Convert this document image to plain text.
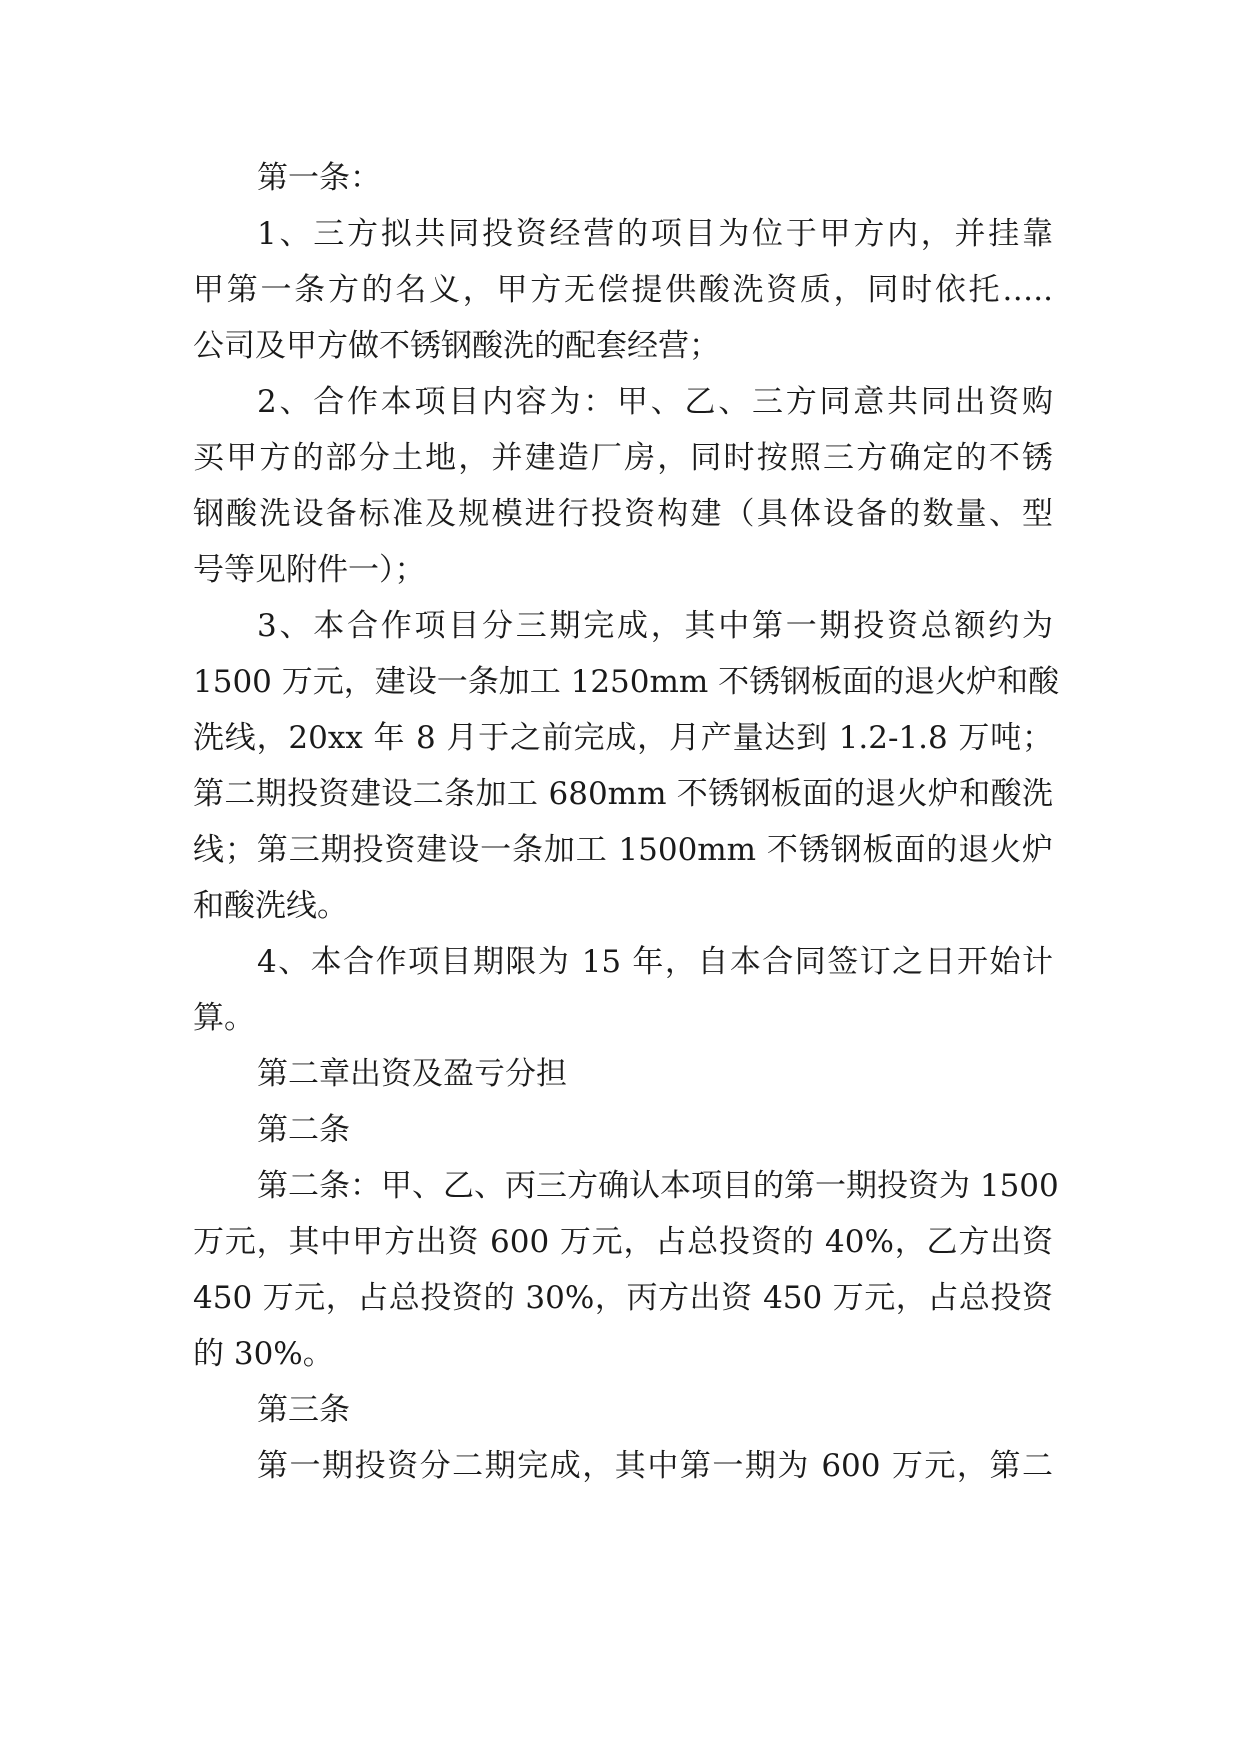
第一条：
1、三方拟共同投资经营的项目为位于甲方内，并挂靠
甲第一条方的名义，甲方无偿提供酸洗资质，同时依托…..
公司及甲方做不锈钢酸洗的配套经营；
2、合作本项目内容为：甲、乙、三方同意共同出资购
买甲方的部分土地，并建造厂房，同时按照三方确定的不锈
钢酸洗设备标准及规模进行投资构建（具体设备的数量、型
号等见附件一）；
3、本合作项目分三期完成，其中第一期投资总额约为
1500 万元，建设一条加工 1250mm 不锈钢板面的退火炉和酸
洗线，20xx 年 8 月于之前完成，月产量达到 1.2-1.8 万吨；
第二期投资建设二条加工 680mm 不锈钢板面的退火炉和酸洗
线；第三期投资建设一条加工 1500mm 不锈钢板面的退火炉
和酸洗线。
4、本合作项目期限为 15 年，自本合同签订之日开始计
算。
第二章出资及盈亏分担
第二条
第二条：甲、乙、丙三方确认本项目的第一期投资为 1500
万元，其中甲方出资 600 万元，占总投资的 40%，乙方出资
450 万元，占总投资的 30%，丙方出资 450 万元，占总投资
的 30%。
第三条
第一期投资分二期完成，其中第一期为 600 万元，第二
